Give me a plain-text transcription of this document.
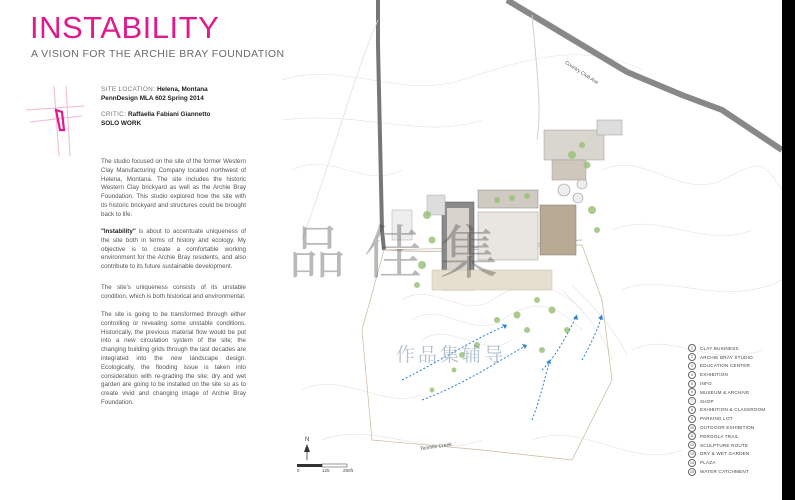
INSTABILITY
A VISION FOR THE ARCHIE BRAY FOUNDATION
SITE LOCATION: Helena, Montana
PennDesign MLA 602 Spring 2014
CRITIC: Raffaella Fabiani Giannetto
SOLO WORK

The studio focused on the site of the former Western Clay Manufacturing Company located northwest of Helena, Montana. The site includes the historic Western Clay brickyard as well as the Archie Bray Foundation. This studio explored how the site with its historic brickyard and structures could be brought back to life.

"Instability" is about to accentuate uniqueness of the site both in terms of history and ecology. My objective is to create a comfortable working environment for the Archie Bray residents, and also contribute to its future sustainable development.

The site's uniqueness consists of its unstable condition, which is both historical and environmental.

The site is going to be transformed through either controlling or revealing some unstable conditions. Historically, the previous material flow would be put into a new circulation system of the site; the changing building grids through the last decades are integrated into the new landscape design. Ecologically, the flooding issue is taken into consideration with re-grading the site; dry and wet garden are going to be installed on the site so as to create vivid and changing image of Archie Bray Foundation.

Country Club Ave
Tenmile Creek
品佳集
作品集辅导	1	CLAY BUSINESS
2	ARCHIE BRAY STUDIO
3	EDUCATION CENTER
4	EXHIBITION
5	INFO
6	MUSEUM & ARCHIVE
7	SHOP
8	EXHIBITION & CLASSROOM
9	PARKING LOT
10	OUTDOOR EXHIBITION
11	PERGOLA TRAIL
12	SCULPTURE ROUTE
13	DRY & WET GARDEN
14	PLAZA
15	WATER CATCHMENT
N
0	125	250ft
